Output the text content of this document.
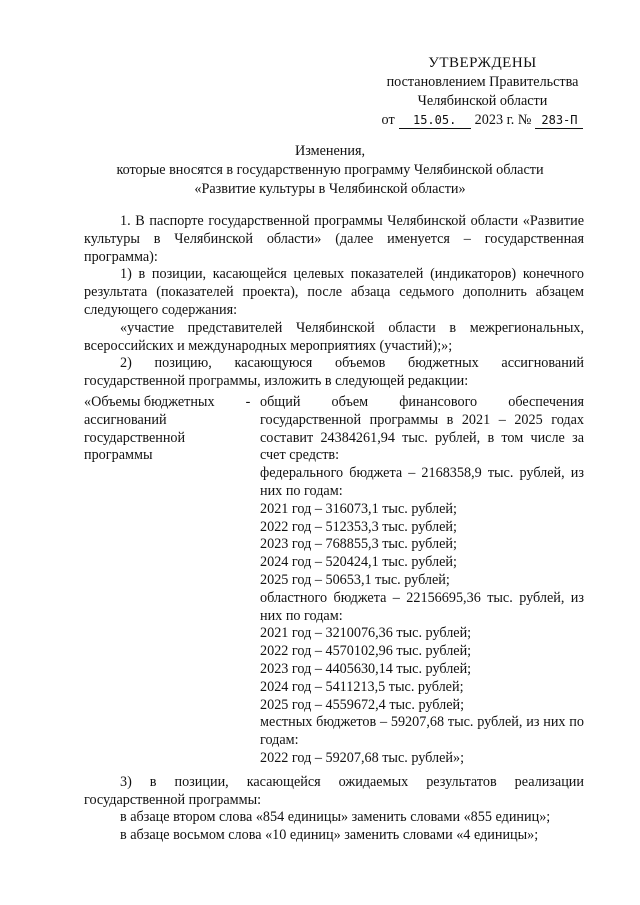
УТВЕРЖДЕНЫ
постановлением Правительства
Челябинской области
от	15.05.	2023 г. № 283-П
Изменения,
которые вносятся в государственную программу Челябинской области
«Развитие культуры в Челябинской области»

1. В паспорте государственной программы Челябинской области «Развитие культуры в Челябинской области» (далее именуется – государственная программа):

1) в позиции, касающейся целевых показателей (индикаторов) конечного результата (показателей проекта), после абзаца седьмого дополнить абзацем следующего содержания:

«участие представителей Челябинской области в межрегиональных, всероссийских и международных мероприятиях (участий);»;

2) позицию, касающуюся объемов бюджетных ассигнований государственной программы, изложить в следующей редакции:

«Объемы бюджетных ассигнований государственной программы
- общий объем финансового обеспечения государственной программы в 2021 – 2025 годах составит 24384261,94 тыс. рублей, в том числе за счет средств:

федерального бюджета – 2168358,9 тыс. рублей, из них по годам:

2021 год – 316073,1 тыс. рублей;

2022 год – 512353,3 тыс. рублей;

2023 год – 768855,3 тыс. рублей;

2024 год – 520424,1 тыс. рублей;

2025 год – 50653,1 тыс. рублей;

областного бюджета – 22156695,36 тыс. рублей, из них по годам:

2021 год – 3210076,36 тыс. рублей;

2022 год – 4570102,96 тыс. рублей;

2023 год – 4405630,14 тыс. рублей;

2024 год – 5411213,5 тыс. рублей;

2025 год – 4559672,4 тыс. рублей;

местных бюджетов – 59207,68 тыс. рублей, из них по годам:

2022 год – 59207,68 тыс. рублей»;

3) в позиции, касающейся ожидаемых результатов реализации государственной программы:

в абзаце втором слова «854 единицы» заменить словами «855 единиц»;

в абзаце восьмом слова «10 единиц» заменить словами «4 единицы»;
